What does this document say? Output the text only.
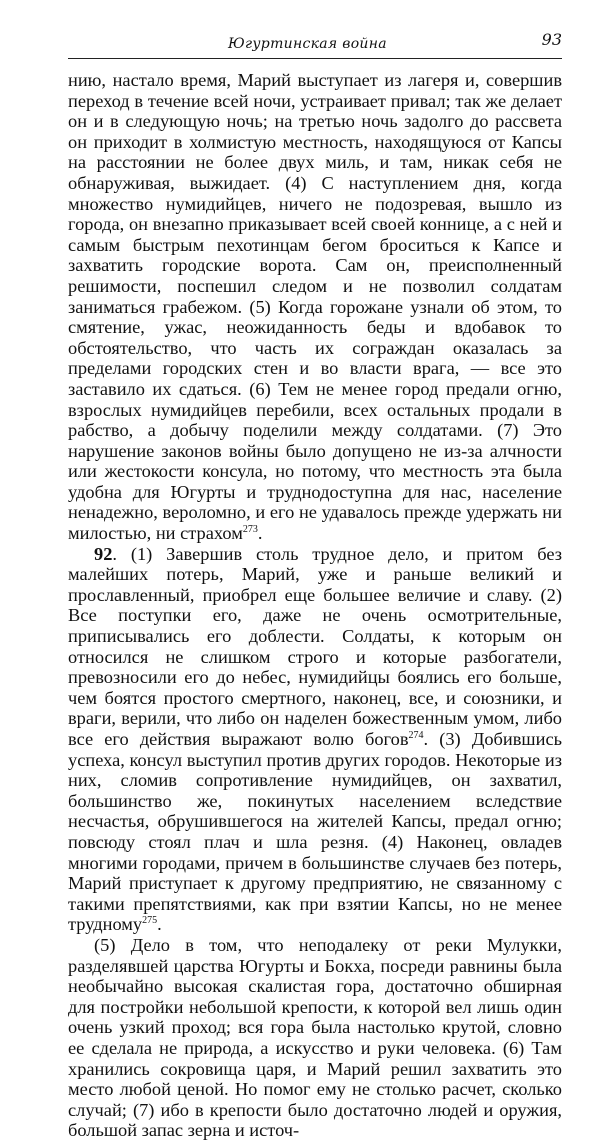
Югуртинская война	93

нию, настало время, Марий выступает из лагеря и, совершив переход в течение всей ночи, устраивает привал; так же делает он и в следующую ночь; на третью ночь задолго до рассвета он приходит в холмистую местность, находящуюся от Капсы на расстоянии не более двух миль, и там, никак себя не обнаруживая, выжидает. (4) С наступлением дня, когда множество нумидийцев, ничего не подозревая, вышло из города, он внезапно приказывает всей своей коннице, а с ней и самым быстрым пехотинцам бегом броситься к Капсе и захватить городские ворота. Сам он, преисполненный решимости, поспешил следом и не позволил солдатам заниматься грабежом. (5) Когда горожане узнали об этом, то смятение, ужас, неожиданность беды и вдобавок то обстоятельство, что часть их сограждан оказалась за пределами городских стен и во власти врага, — все это заставило их сдаться. (6) Тем не менее город предали огню, взрослых нумидийцев перебили, всех остальных продали в рабство, а добычу поделили между солдатами. (7) Это нарушение законов войны было допущено не из-за алчности или жестокости консула, но потому, что местность эта была удобна для Югурты и труднодоступна для нас, население ненадежно, вероломно, и его не удавалось прежде удержать ни милостью, ни страхом$^{273}$.

92. (1) Завершив столь трудное дело, и притом без малейших потерь, Марий, уже и раньше великий и прославленный, приобрел еще большее величие и славу. (2) Все поступки его, даже не очень осмотрительные, приписывались его доблести. Солдаты, к которым он относился не слишком строго и которые разбогатели, превозносили его до небес, нумидийцы боялись его больше, чем боятся простого смертного, наконец, все, и союзники, и враги, верили, что либо он наделен божественным умом, либо все его действия выражают волю богов$^{274}$. (3) Добившись успеха, консул выступил против других городов. Некоторые из них, сломив сопротивление нумидийцев, он захватил, большинство же, покинутых населением вследствие несчастья, обрушившегося на жителей Капсы, предал огню; повсюду стоял плач и шла резня. (4) Наконец, овладев многими городами, причем в большинстве случаев без потерь, Марий приступает к другому предприятию, не связанному с такими препятствиями, как при взятии Капсы, но не менее трудному$^{275}$.

(5) Дело в том, что неподалеку от реки Мулукки, разделявшей царства Югурты и Бокха, посреди равнины была необычайно высокая скалистая гора, достаточно обширная для постройки небольшой крепости, к которой вел лишь один очень узкий проход; вся гора была настолько крутой, словно ее сделала не природа, а искусство и руки человека. (6) Там хранились сокровища царя, и Марий решил захватить это место любой ценой. Но помог ему не столько расчет, сколько случай; (7) ибо в крепости было достаточно людей и оружия, большой запас зерна и источ-
